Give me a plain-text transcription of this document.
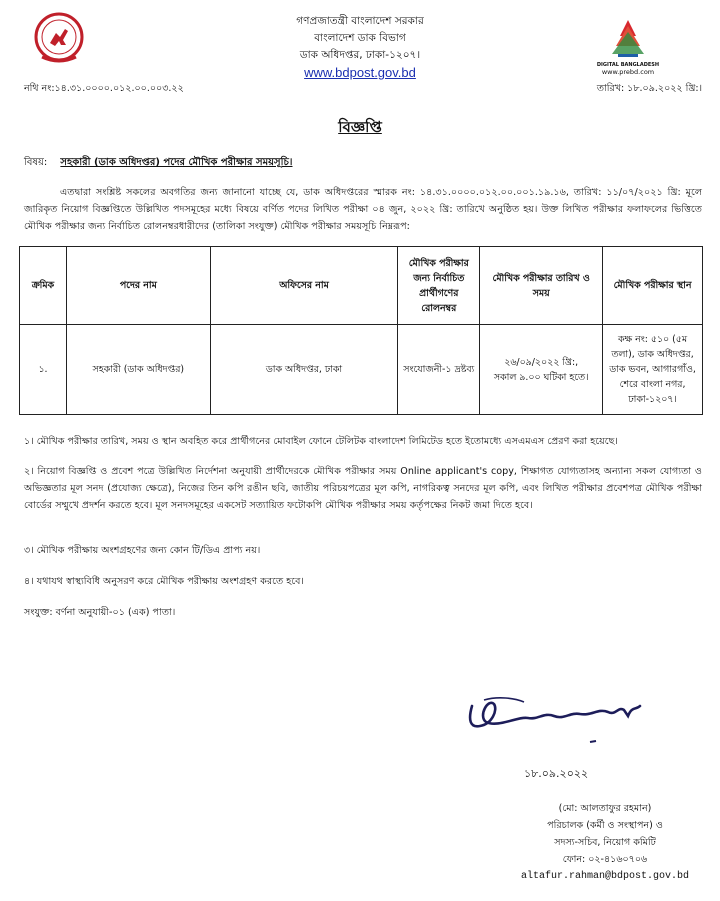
গণপ্রজাতন্ত্রী বাংলাদেশ সরকার
বাংলাদেশ ডাক বিভাগ
ডাক অধিদপ্তর, ঢাকা-১২০৭।
www.bdpost.gov.bd	DIGITAL BANGLADESH
www.prebd.com
নথি নং:১৪.৩১.০০০০.০১২.০০.০০৩.২২	তারিখ: ১৮.০৯.২০২২ খ্রি:।
বিজ্ঞপ্তি
বিষয়: সহকারী (ডাক অধিদপ্তর) পদের মৌখিক পরীক্ষার সময়সূচি।
এতদ্বারা সংশ্লিষ্ট সকলের অবগতির জন্য জানানো যাচ্ছে যে, ডাক অধিদপ্তরের স্মারক নং: ১৪.৩১.০০০০.০১২.০০.০০১.১৯.১৬, তারিখ: ১১/০৭/২০২১ খ্রি: মূলে জারিকৃত নিয়োগ বিজ্ঞপ্তিতে উল্লিখিত পদসমূহের মধ্যে বিষয়ে বর্ণিত পদের লিখিত পরীক্ষা ০৪ জুন, ২০২২ খ্রি: তারিখে অনুষ্ঠিত হয়। উক্ত লিখিত পরীক্ষার ফলাফলের ভিত্তিতে মৌখিক পরীক্ষার জন্য নির্বাচিত রোলনম্বরধারীদের (তালিকা সংযুক্ত) মৌখিক পরীক্ষার সময়সূচি নিম্নরূপ:
ক্রমিক	পদের নাম	অফিসের নাম	মৌখিক পরীক্ষার জন্য নির্বাচিত প্রার্থীগণের রোলনম্বর	মৌখিক পরীক্ষার তারিখ ও সময়	মৌখিক পরীক্ষার স্থান
১.	সহকারী (ডাক অধিদপ্তর)	ডাক অধিদপ্তর, ঢাকা	সংযোজনী-১ দ্রষ্টব্য	২৬/০৯/২০২২ খ্রি:,
সকাল ৯.০০ ঘটিকা হতে।	কক্ষ নং: ৫১০ (৫ম তলা), ডাক অধিদপ্তর, ডাক ভবন, আগারগাঁও, শেরে বাংলা নগর, ঢাকা-১২০৭।
১। মৌখিক পরীক্ষার তারিখ, সময় ও স্থান অবহিত করে প্রার্থীগনের মোবাইল ফোনে টেলিটক বাংলাদেশ লিমিটেড হতে ইতোমধ্যে এসএমএস প্রেরণ করা হয়েছে।
২। নিয়োগ বিজ্ঞপ্তি ও প্রবেশ পত্রে উল্লিখিত নির্দেশনা অনুযায়ী প্রার্থীদেরকে মৌখিক পরীক্ষার সময় Online applicant's copy, শিক্ষাগত যোগ্যতাসহ অন্যান্য সকল যোগ্যতা ও অভিজ্ঞতার মূল সনদ (প্রযোজ্য ক্ষেত্রে), নিজের তিন কপি রঙীন ছবি, জাতীয় পরিচয়পত্রের মূল কপি, নাগরিকত্ব সনদের মূল কপি, এবং লিখিত পরীক্ষার প্রবেশপত্র মৌখিক পরীক্ষা বোর্ডের সম্মুখে প্রদর্শন করতে হবে। মূল সনদসমূহের একসেট সত্যায়িত ফটোকপি মৌখিক পরীক্ষার সময় কর্তৃপক্ষের নিকট জমা দিতে হবে।
৩। মৌখিক পরীক্ষায় অংশগ্রহণের জন্য কোন টি/ডিএ প্রাপ্য নয়।
৪। যথাযথ স্বাস্থ্যবিধি অনুসরণ করে মৌখিক পরীক্ষায় অংশগ্রহণ করতে হবে।
সংযুক্ত: বর্ণনা অনুযায়ী-০১ (এক) পাতা।
১৮.০৯.২০২২
(মো: আলতাফুর রহমান)
পরিচালক (কর্মী ও সংস্থাপন) ও
সদস্য-সচিব, নিয়োগ কমিটি
ফোন: ০২-৪১৬০৭০৬
altafur.rahman@bdpost.gov.bd
